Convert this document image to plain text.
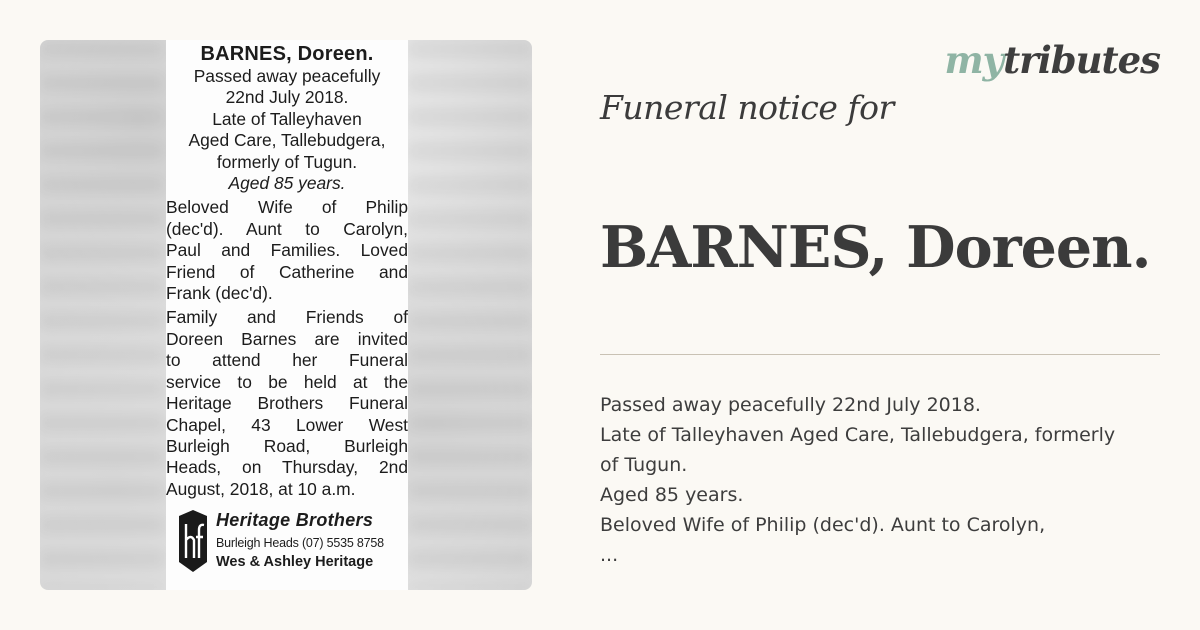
BARNES, Doreen.
Passed away peacefully
22nd July 2018.
Late of Talleyhaven
Aged Care, Tallebudgera,
formerly of Tugun.
Aged 85 years.
Beloved Wife of Philip
(dec'd). Aunt to Carolyn,
Paul and Families. Loved
Friend of Catherine and
Frank (dec'd).
Family and Friends of
Doreen Barnes are invited
to attend her Funeral
service to be held at the
Heritage Brothers Funeral
Chapel, 43 Lower West
Burleigh Road, Burleigh
Heads, on Thursday, 2nd
August, 2018, at 10 a.m.
Heritage Brothers
Burleigh Heads (07) 5535 8758
Wes & Ashley Heritage
mytributes
Funeral notice for
BARNES, Doreen.
Passed away peacefully 22nd July 2018.
Late of Talleyhaven Aged Care, Tallebudgera, formerly
of Tugun.
Aged 85 years.
Beloved Wife of Philip (dec'd). Aunt to Carolyn,
...
